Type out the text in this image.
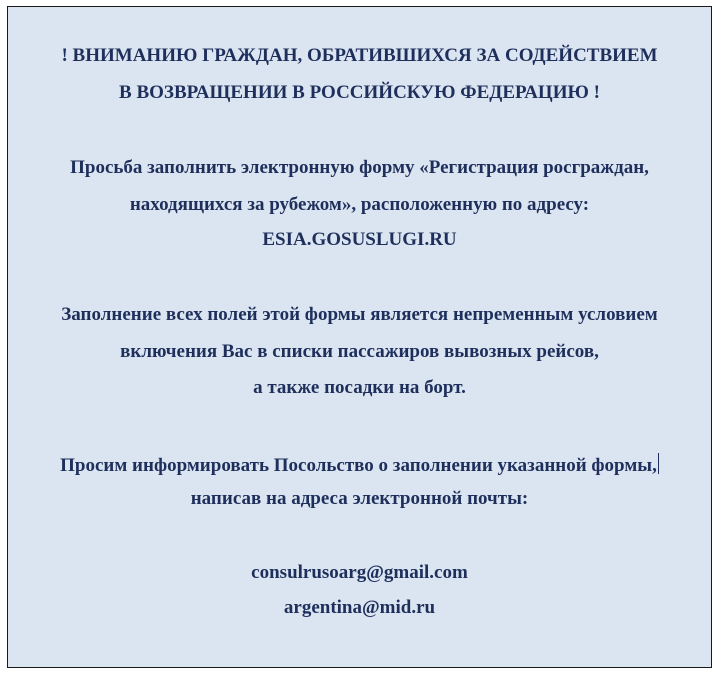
! ВНИМАНИЮ ГРАЖДАН, ОБРАТИВШИХСЯ ЗА СОДЕЙСТВИЕМ
В ВОЗВРАЩЕНИИ В РОССИЙСКУЮ ФЕДЕРАЦИЮ !
Просьба заполнить электронную форму «Регистрация росграждан,
находящихся за рубежом», расположенную по адресу:
ESIA.GOSUSLUGI.RU
Заполнение всех полей этой формы является непременным условием
включения Вас в списки пассажиров вывозных рейсов,
а также посадки на борт.
Просим информировать Посольство о заполнении указанной формы,
написав на адреса электронной почты:
consulrusoarg@gmail.com
argentina@mid.ru
